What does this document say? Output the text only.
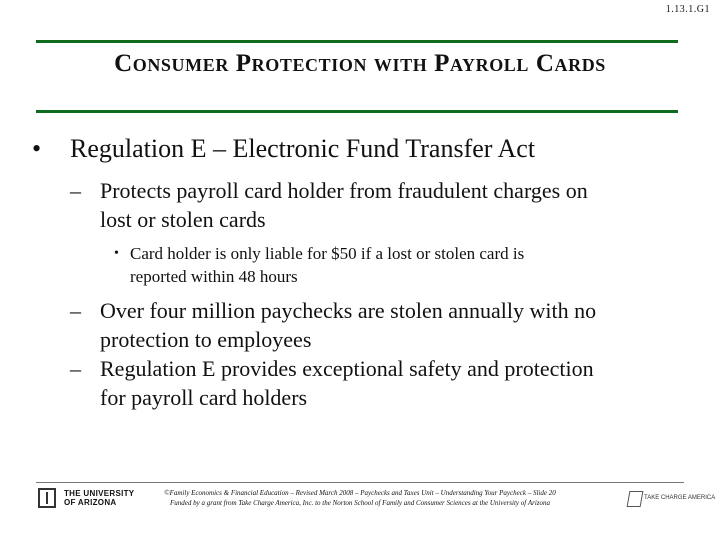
1.13.1.G1
Consumer Protection with Payroll Cards
• Regulation E – Electronic Fund Transfer Act
– Protects payroll card holder from fraudulent charges on
lost or stolen cards
• Card holder is only liable for $50 if a lost or stolen card is
reported within 48 hours
– Over four million paychecks are stolen annually with no
protection to employees
– Regulation E provides exceptional safety and protection
for payroll card holders
THE UNIVERSITY
OF ARIZONA
©Family Economics & Financial Education – Revised March 2008 – Paychecks and Taxes Unit – Understanding Your Paycheck – Slide 20
Funded by a grant from Take Charge America, Inc. to the Norton School of Family and Consumer Sciences at the University of Arizona
TAKE CHARGE AMERICA
